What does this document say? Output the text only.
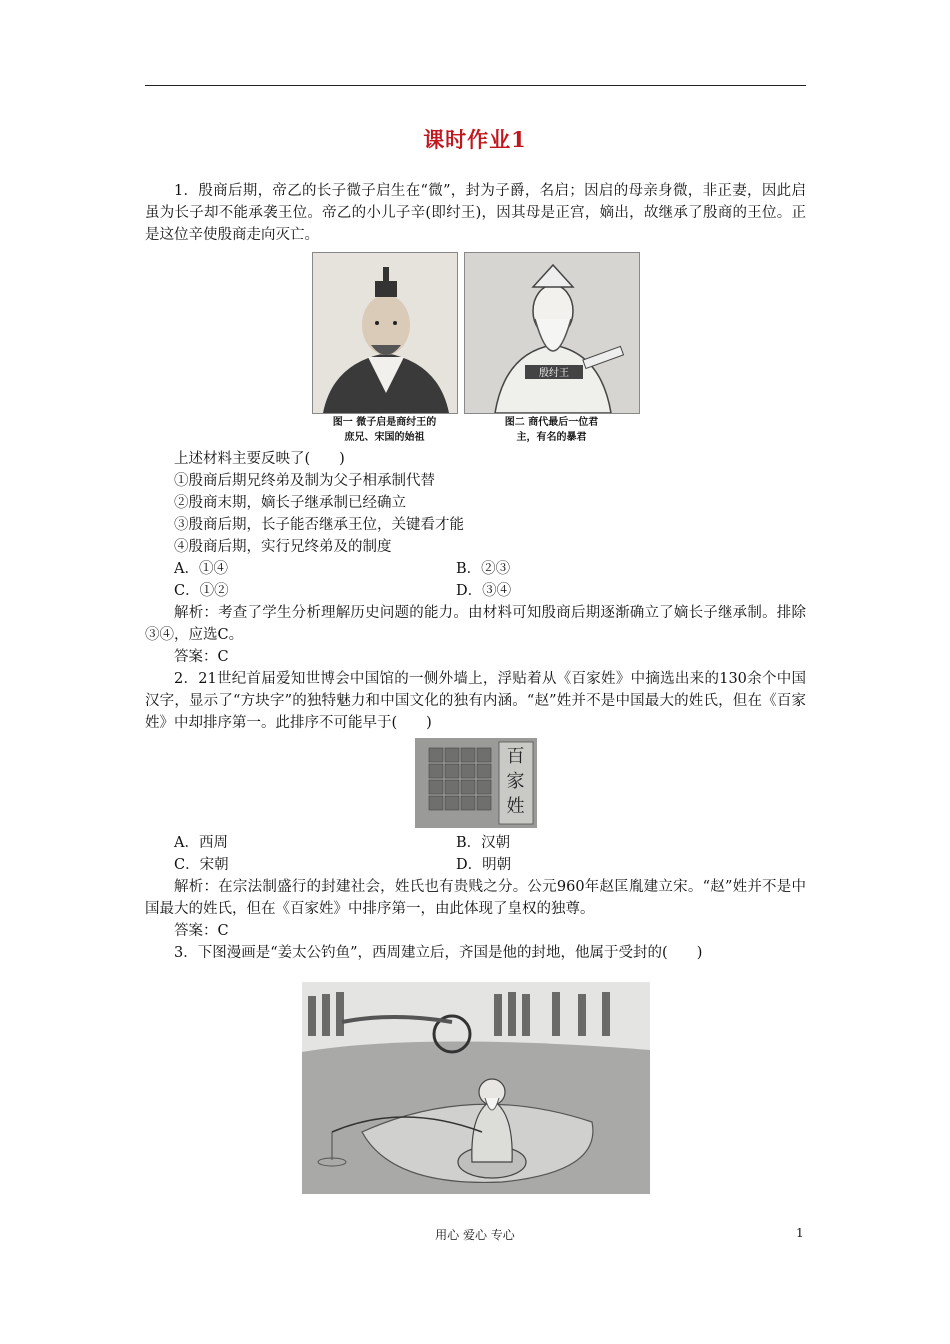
课时作业1

1．殷商后期，帝乙的长子微子启生在“微”，封为子爵，名启；因启的母亲身微，非正妻，因此启虽为长子却不能承袭王位。帝乙的小儿子辛(即纣王)，因其母是正宫，嫡出，故继承了殷商的王位。正是这位辛使殷商走向灭亡。

图一 微子启是商纣王的
庶兄、宋国的始祖
殷纣王
图二 商代最后一位君
主，有名的暴君

上述材料主要反映了(　　)

①殷商后期兄终弟及制为父子相承制代替

②殷商末期，嫡长子继承制已经确立

③殷商后期，长子能否继承王位，关键看才能

④殷商后期，实行兄终弟及的制度

A．①④	B．②③
C．①②	D．③④

解析：考查了学生分析理解历史问题的能力。由材料可知殷商后期逐渐确立了嫡长子继承制。排除③④，应选C。

答案：C

2．21世纪首届爱知世博会中国馆的一侧外墙上，浮贴着从《百家姓》中摘选出来的130余个中国汉字，显示了“方块字”的独特魅力和中国文化的独有内涵。“赵”姓并不是中国最大的姓氏，但在《百家姓》中却排序第一。此排序不可能早于(　　)

百家姓
A．西周	B．汉朝
C．宋朝	D．明朝

解析：在宗法制盛行的封建社会，姓氏也有贵贱之分。公元960年赵匡胤建立宋。“赵”姓并不是中国最大的姓氏，但在《百家姓》中排序第一，由此体现了皇权的独尊。

答案：C

3．下图漫画是“姜太公钓鱼”，西周建立后，齐国是他的封地，他属于受封的(　　)

用心 爱心 专心	1
